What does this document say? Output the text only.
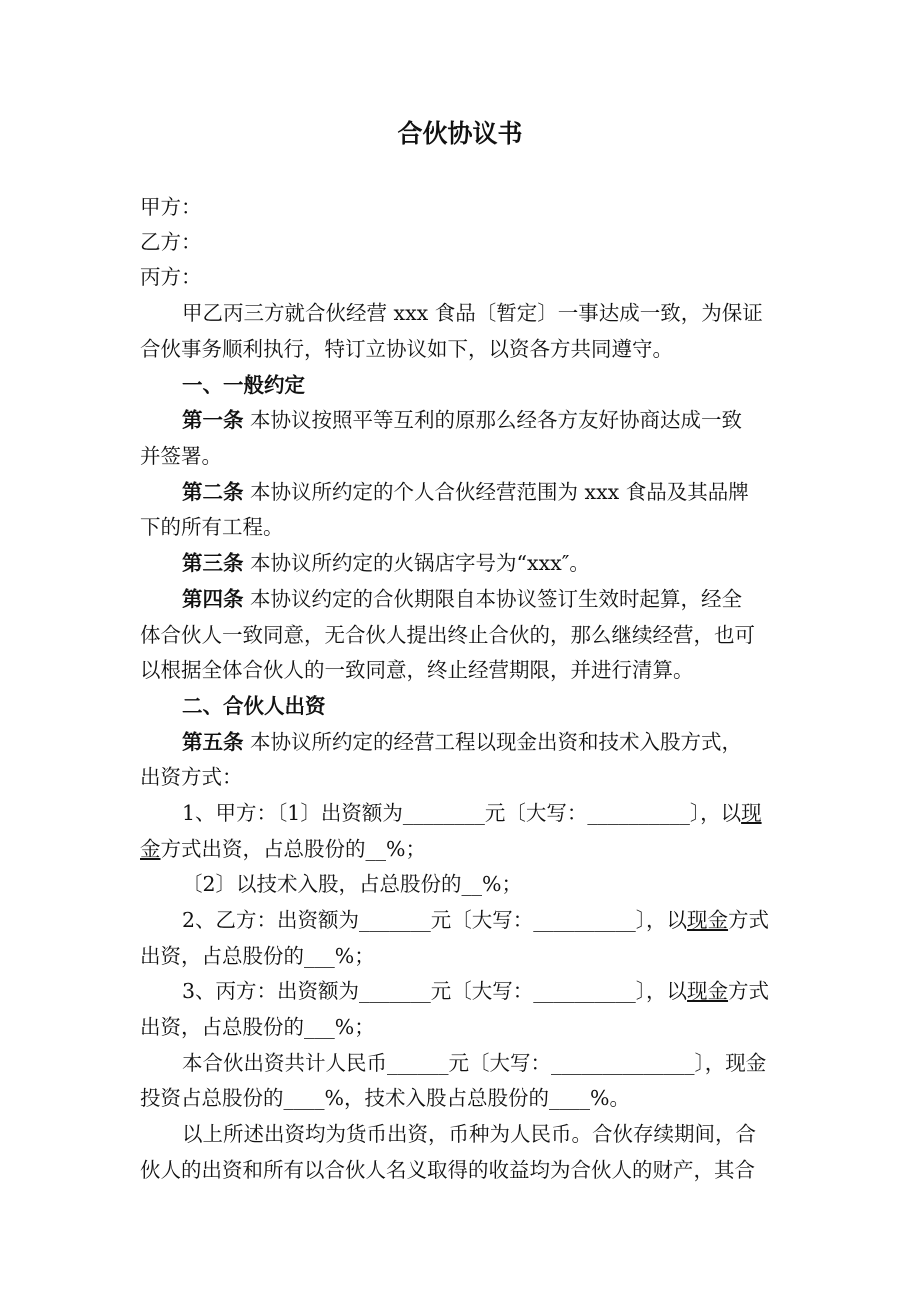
合伙协议书
甲方：
乙方：
丙方：
甲乙丙三方就合伙经营 xxx 食品〔暂定〕一事达成一致，为保证
合伙事务顺利执行，特订立协议如下，以资各方共同遵守。
一、一般约定
第一条 本协议按照平等互利的原那么经各方友好协商达成一致
并签署。
第二条 本协议所约定的个人合伙经营范围为 xxx 食品及其品牌
下的所有工程。
第三条 本协议所约定的火锅店字号为“xxx″。
第四条 本协议约定的合伙期限自本协议签订生效时起算，经全
体合伙人一致同意，无合伙人提出终止合伙的，那么继续经营，也可
以根据全体合伙人的一致同意，终止经营期限，并进行清算。
二、合伙人出资
第五条 本协议所约定的经营工程以现金出资和技术入股方式，
出资方式：
1、甲方：〔1〕出资额为________元〔大写：__________〕，以现
金方式出资，占总股份的__%；
〔2〕以技术入股，占总股份的__%；
2、乙方：出资额为_______元〔大写：__________〕，以现金方式
出资，占总股份的___%；
3、丙方：出资额为_______元〔大写：__________〕，以现金方式
出资，占总股份的___%；
本合伙出资共计人民币______元〔大写：______________〕，现金
投资占总股份的____%，技术入股占总股份的____%。
以上所述出资均为货币出资，币种为人民币。合伙存续期间，合
伙人的出资和所有以合伙人名义取得的收益均为合伙人的财产，其合
